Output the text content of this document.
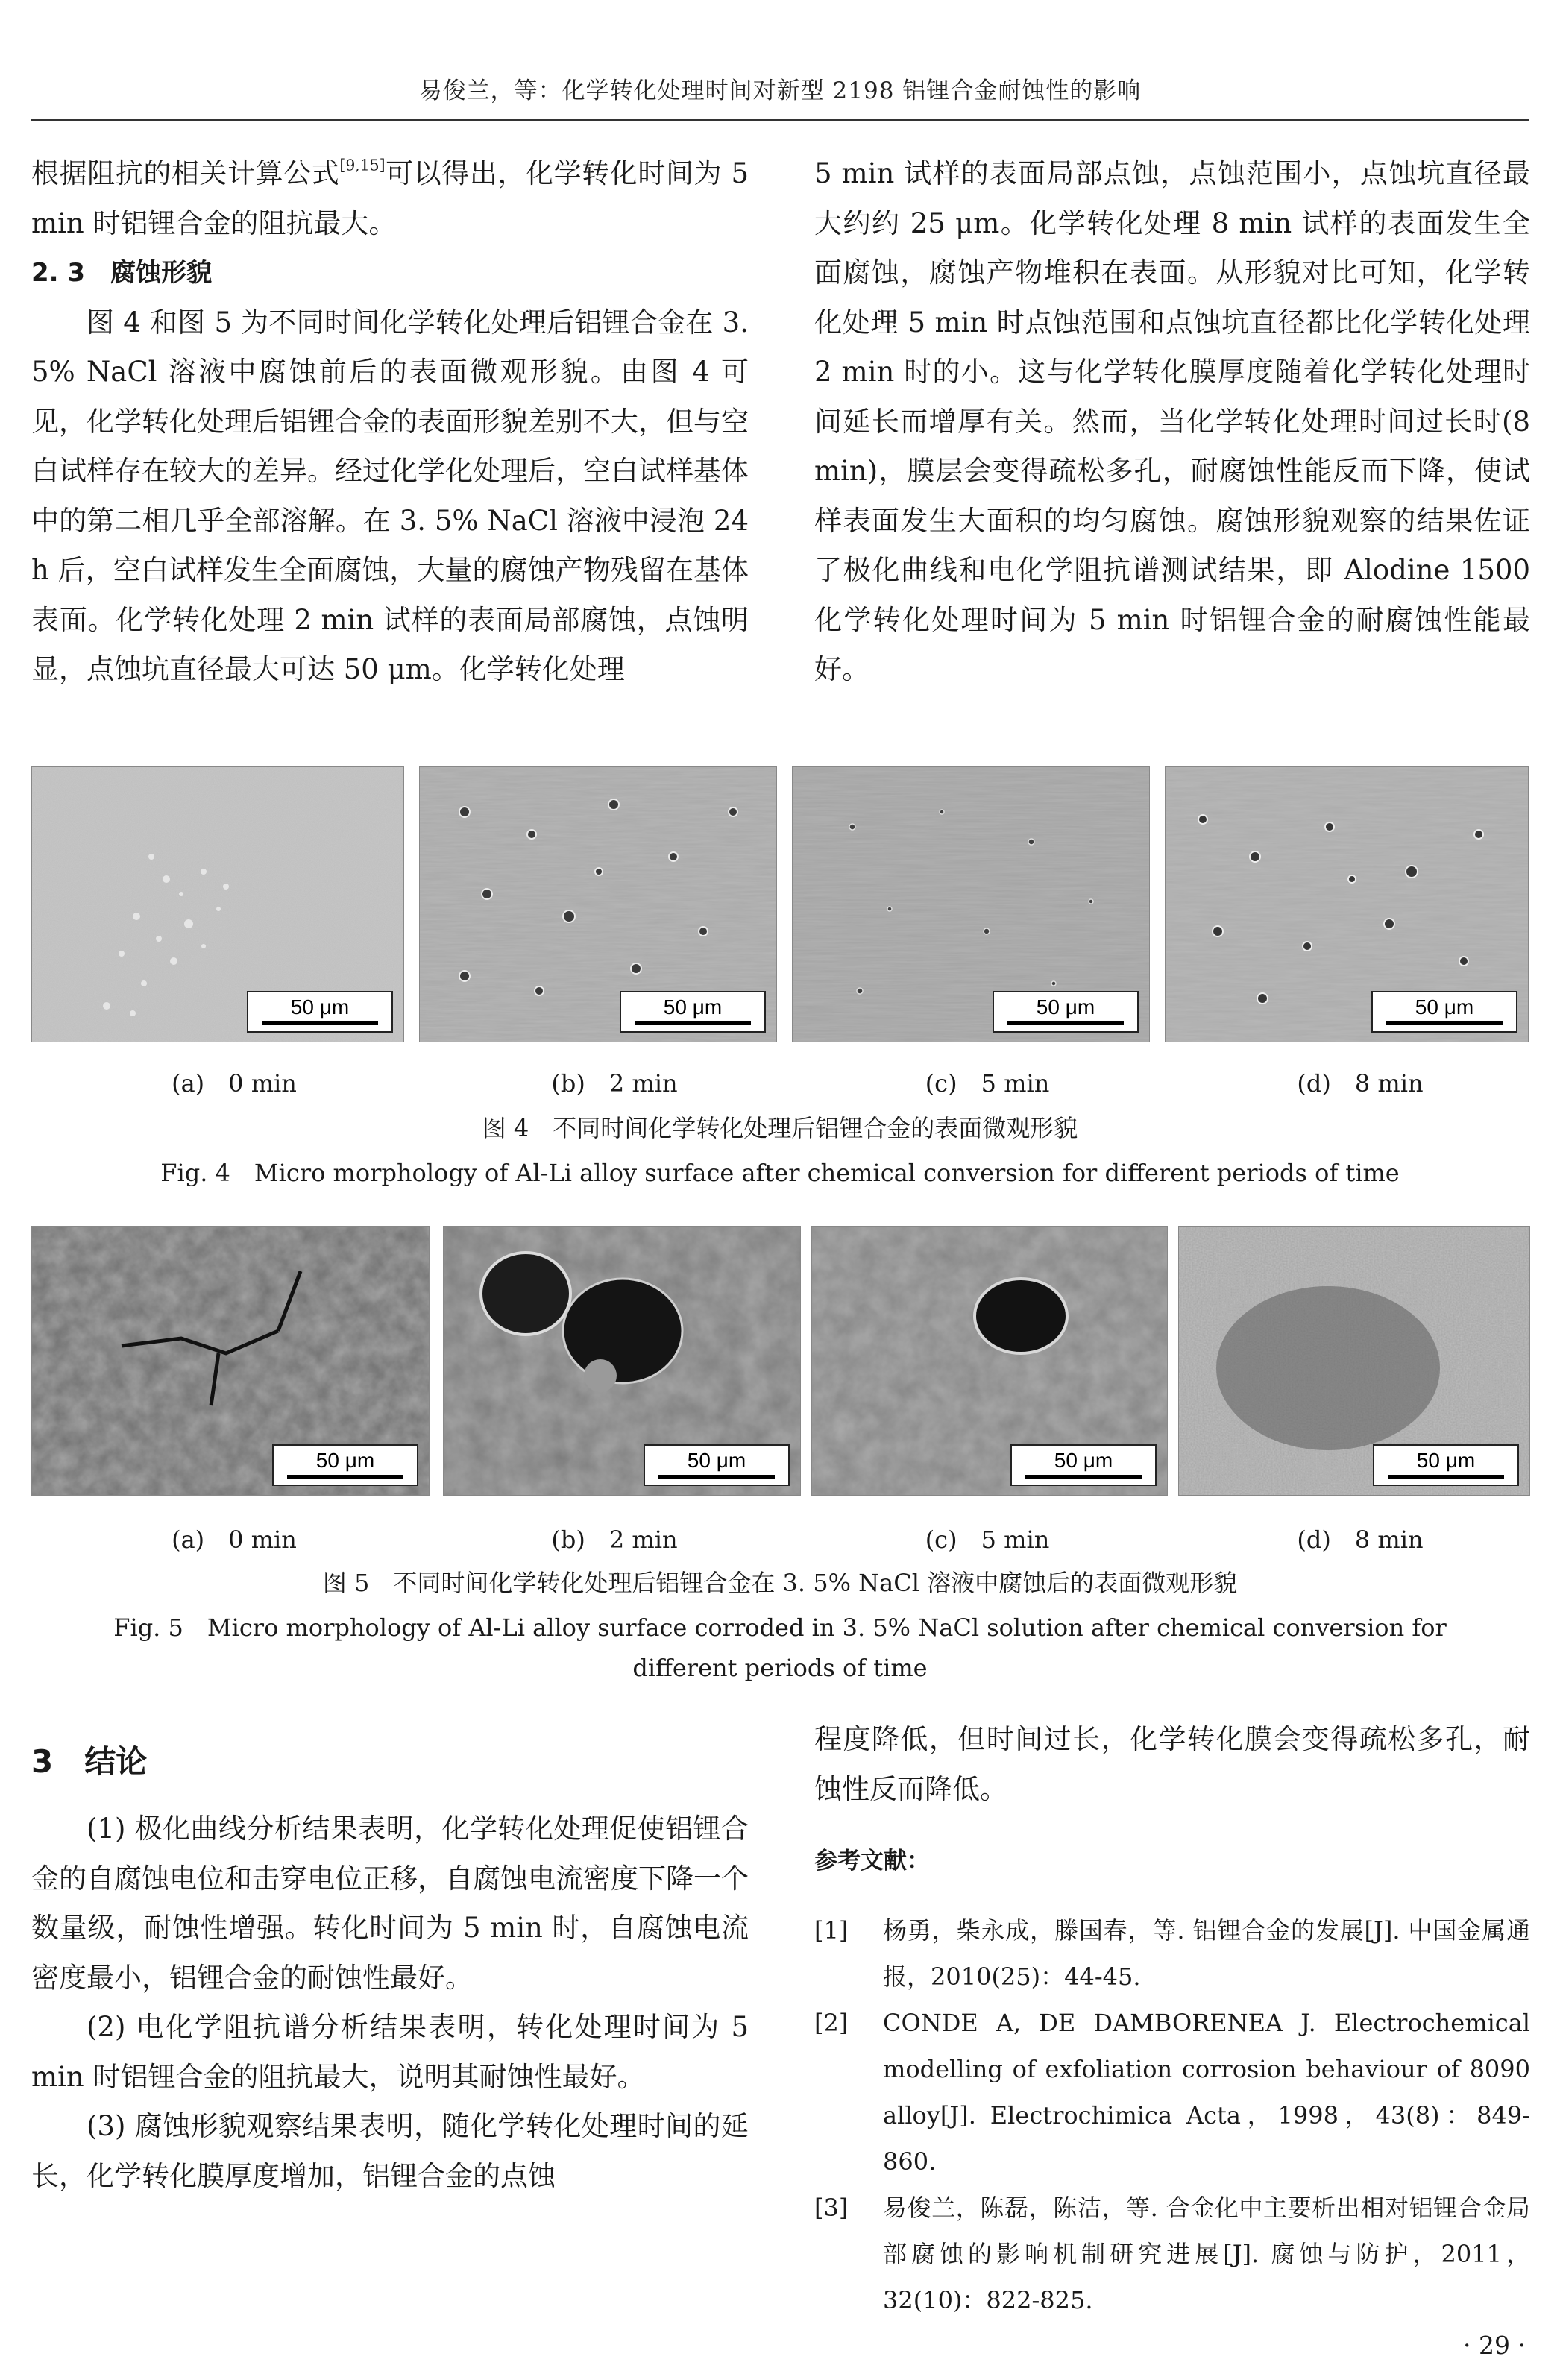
易俊兰，等：化学转化处理时间对新型 2198 铝锂合金耐蚀性的影响

根据阻抗的相关计算公式[9,15]可以得出，化学转化时间为 5 min 时铝锂合金的阻抗最大。

2. 3　腐蚀形貌

图 4 和图 5 为不同时间化学转化处理后铝锂合金在 3. 5% NaCl 溶液中腐蚀前后的表面微观形貌。由图 4 可见，化学转化处理后铝锂合金的表面形貌差别不大，但与空白试样存在较大的差异。经过化学化处理后，空白试样基体中的第二相几乎全部溶解。在 3. 5% NaCl 溶液中浸泡 24 h 后，空白试样发生全面腐蚀，大量的腐蚀产物残留在基体表面。化学转化处理 2 min 试样的表面局部腐蚀，点蚀明显，点蚀坑直径最大可达 50 μm。化学转化处理

5 min 试样的表面局部点蚀，点蚀范围小，点蚀坑直径最大约约 25 μm。化学转化处理 8 min 试样的表面发生全面腐蚀，腐蚀产物堆积在表面。从形貌对比可知，化学转化处理 5 min 时点蚀范围和点蚀坑直径都比化学转化处理 2 min 时的小。这与化学转化膜厚度随着化学转化处理时间延长而增厚有关。然而，当化学转化处理时间过长时(8 min)，膜层会变得疏松多孔，耐腐蚀性能反而下降，使试样表面发生大面积的均匀腐蚀。腐蚀形貌观察的结果佐证了极化曲线和电化学阻抗谱测试结果，即 Alodine 1500 化学转化处理时间为 5 min 时铝锂合金的耐腐蚀性能最好。

50 μm	50 μm	50 μm	50 μm
(a)　0 min	(b)　2 min	(c)　5 min	(d)　8 min
图 4　不同时间化学转化处理后铝锂合金的表面微观形貌
Fig. 4　Micro morphology of Al-Li alloy surface after chemical conversion for different periods of time
50 μm	50 μm	50 μm	50 μm
(a)　0 min	(b)　2 min	(c)　5 min	(d)　8 min
图 5　不同时间化学转化处理后铝锂合金在 3. 5% NaCl 溶液中腐蚀后的表面微观形貌
Fig. 5　Micro morphology of Al-Li alloy surface corroded in 3. 5% NaCl solution after chemical conversion for
different periods of time
3　结论

(1) 极化曲线分析结果表明，化学转化处理促使铝锂合金的自腐蚀电位和击穿电位正移，自腐蚀电流密度下降一个数量级，耐蚀性增强。转化时间为 5 min 时，自腐蚀电流密度最小，铝锂合金的耐蚀性最好。

(2) 电化学阻抗谱分析结果表明，转化处理时间为 5 min 时铝锂合金的阻抗最大，说明其耐蚀性最好。

(3) 腐蚀形貌观察结果表明，随化学转化处理时间的延长，化学转化膜厚度增加，铝锂合金的点蚀

程度降低，但时间过长，化学转化膜会变得疏松多孔，耐蚀性反而降低。

参考文献：

[1]	杨勇，柴永成，滕国春，等. 铝锂合金的发展[J]. 中国金属通报，2010(25)：44-45.
[2]	CONDE A, DE DAMBORENEA J. Electrochemical modelling of exfoliation corrosion behaviour of 8090 alloy[J]. Electrochimica Acta，1998，43(8)：849-860.
[3]	易俊兰，陈磊，陈洁，等. 合金化中主要析出相对铝锂合金局部腐蚀的影响机制研究进展[J]. 腐蚀与防护，2011，32(10)：822-825.
· 29 ·
